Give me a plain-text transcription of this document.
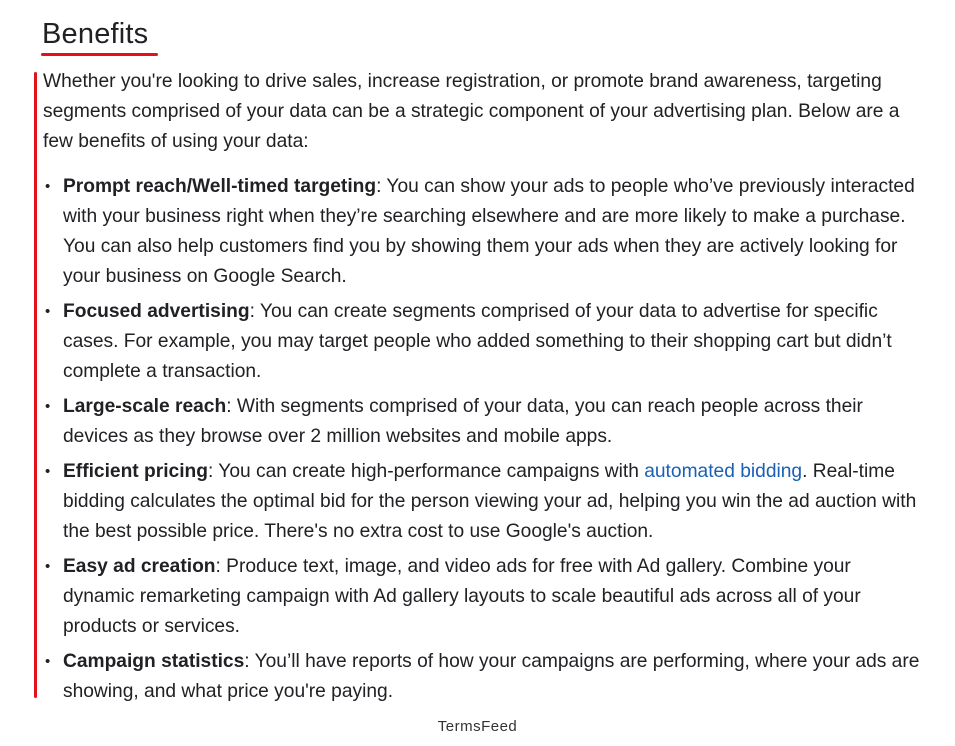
Benefits

Whether you're looking to drive sales, increase registration, or promote brand awareness, targeting segments comprised of your data can be a strategic component of your advertising plan. Below are a few benefits of using your data:

• Prompt reach/Well-timed targeting: You can show your ads to people who’ve previously interacted with your business right when they’re searching elsewhere and are more likely to make a purchase. You can also help customers find you by showing them your ads when they are actively looking for your business on Google Search.
• Focused advertising: You can create segments comprised of your data to advertise for specific cases. For example, you may target people who added something to their shopping cart but didn’t complete a transaction.
• Large-scale reach: With segments comprised of your data, you can reach people across their devices as they browse over 2 million websites and mobile apps.
• Efficient pricing: You can create high-performance campaigns with automated bidding. Real-time bidding calculates the optimal bid for the person viewing your ad, helping you win the ad auction with the best possible price. There's no extra cost to use Google's auction.
• Easy ad creation: Produce text, image, and video ads for free with Ad gallery. Combine your dynamic remarketing campaign with Ad gallery layouts to scale beautiful ads across all of your products or services.
• Campaign statistics: You’ll have reports of how your campaigns are performing, where your ads are showing, and what price you're paying.
TermsFeed
